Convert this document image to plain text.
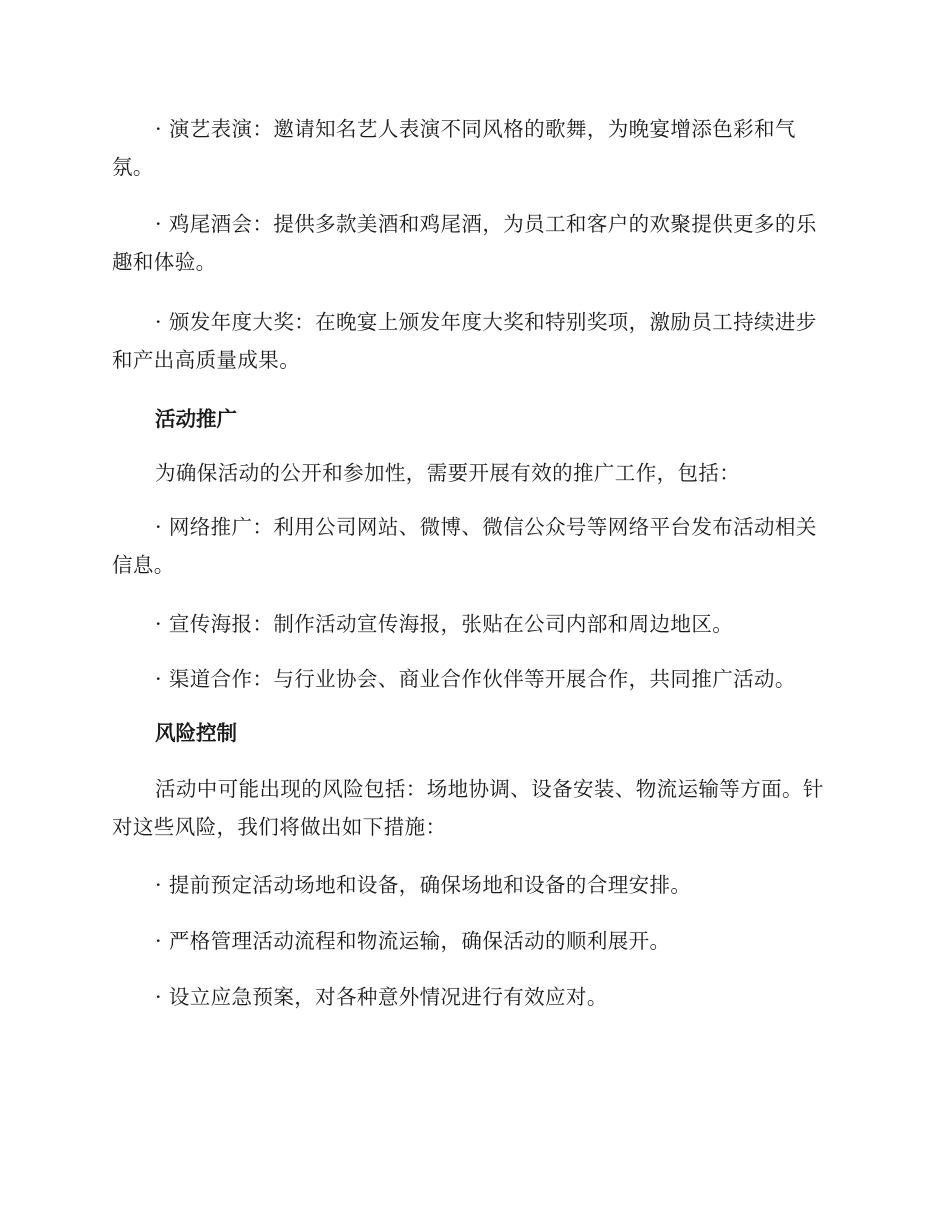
· 演艺表演：邀请知名艺人表演不同风格的歌舞，为晚宴增添色彩和气氛。

· 鸡尾酒会：提供多款美酒和鸡尾酒，为员工和客户的欢聚提供更多的乐趣和体验。

· 颁发年度大奖：在晚宴上颁发年度大奖和特别奖项，激励员工持续进步和产出高质量成果。

活动推广

为确保活动的公开和参加性，需要开展有效的推广工作，包括：

· 网络推广：利用公司网站、微博、微信公众号等网络平台发布活动相关信息。

· 宣传海报：制作活动宣传海报，张贴在公司内部和周边地区。

· 渠道合作：与行业协会、商业合作伙伴等开展合作，共同推广活动。

风险控制

活动中可能出现的风险包括：场地协调、设备安装、物流运输等方面。针对这些风险，我们将做出如下措施：

· 提前预定活动场地和设备，确保场地和设备的合理安排。

· 严格管理活动流程和物流运输，确保活动的顺利展开。

· 设立应急预案，对各种意外情况进行有效应对。
